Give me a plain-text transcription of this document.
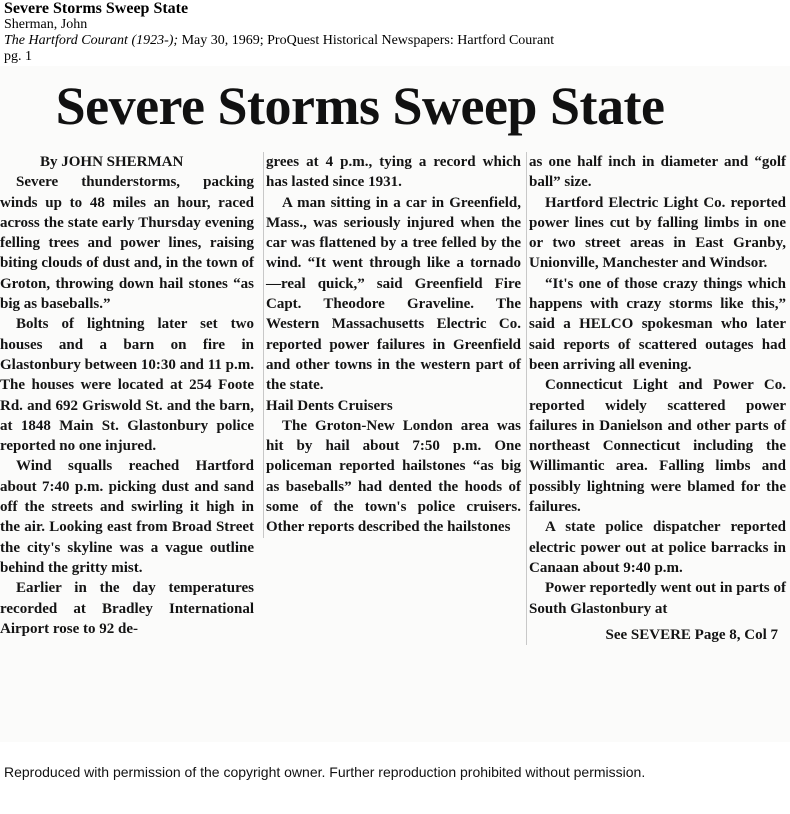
Severe Storms Sweep State
Sherman, John
The Hartford Courant (1923-); May 30, 1969; ProQuest Historical Newspapers: Hartford Courant
pg. 1
Severe Storms Sweep State

By JOHN SHERMAN

Severe thunderstorms, packing winds up to 48 miles an hour, raced across the state early Thursday evening felling trees and power lines, raising biting clouds of dust and, in the town of Groton, throwing down hail stones “as big as baseballs.”

Bolts of lightning later set two houses and a barn on fire in Glastonbury between 10:30 and 11 p.m. The houses were located at 254 Foote Rd. and 692 Griswold St. and the barn, at 1848 Main St. Glastonbury police reported no one injured.

Wind squalls reached Hartford about 7:40 p.m. picking dust and sand off the streets and swirling it high in the air. Looking east from Broad Street the city's skyline was a vague outline behind the gritty mist.

Earlier in the day temperatures recorded at Bradley International Airport rose to 92 de-

grees at 4 p.m., tying a record which has lasted since 1931.

A man sitting in a car in Greenfield, Mass., was seriously injured when the car was flattened by a tree felled by the wind. “It went through like a tornado—real quick,” said Greenfield Fire Capt. Theodore Graveline. The Western Massachusetts Electric Co. reported power failures in Greenfield and other towns in the western part of the state.

Hail Dents Cruisers

The Groton-New London area was hit by hail about 7:50 p.m. One policeman reported hailstones “as big as baseballs” had dented the hoods of some of the town's police cruisers. Other reports described the hailstones

as one half inch in diameter and “golf ball” size.

Hartford Electric Light Co. reported power lines cut by falling limbs in one or two street areas in East Granby, Unionville, Manchester and Windsor.

“It's one of those crazy things which happens with crazy storms like this,” said a HELCO spokesman who later said reports of scattered outages had been arriving all evening.

Connecticut Light and Power Co. reported widely scattered power failures in Danielson and other parts of northeast Connecticut including the Willimantic area. Falling limbs and possibly lightning were blamed for the failures.

A state police dispatcher reported electric power out at police barracks in Canaan about 9:40 p.m.

Power reportedly went out in parts of South Glastonbury at

See SEVERE Page 8, Col 7

Reproduced with permission of the copyright owner. Further reproduction prohibited without permission.
